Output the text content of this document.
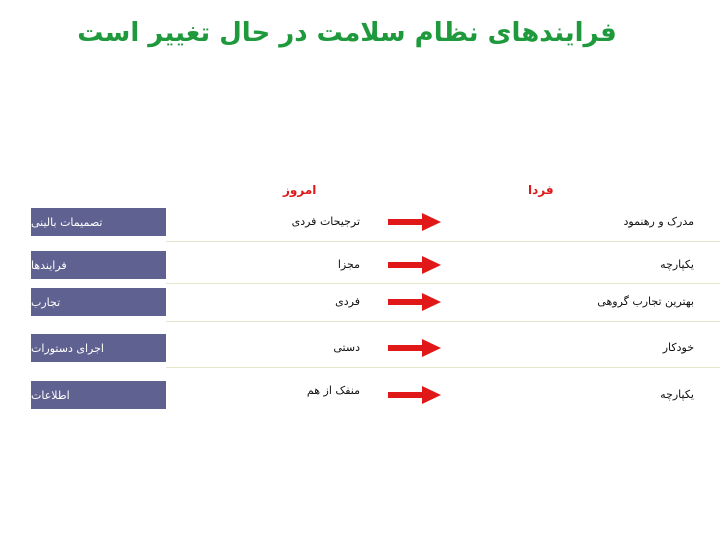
فرایندهای نظام سلامت در حال تغییر است
امروز	فردا
تصمیمات بالینی	ترجیحات فردی	مدرک و رهنمود
فرایندها	مجزا	یکپارچه
تجارب	فردی	بهترین تجارب گروهی
اجرای دستورات	دستی	خودکار
اطلاعات	منفک از هم	یکپارچه
